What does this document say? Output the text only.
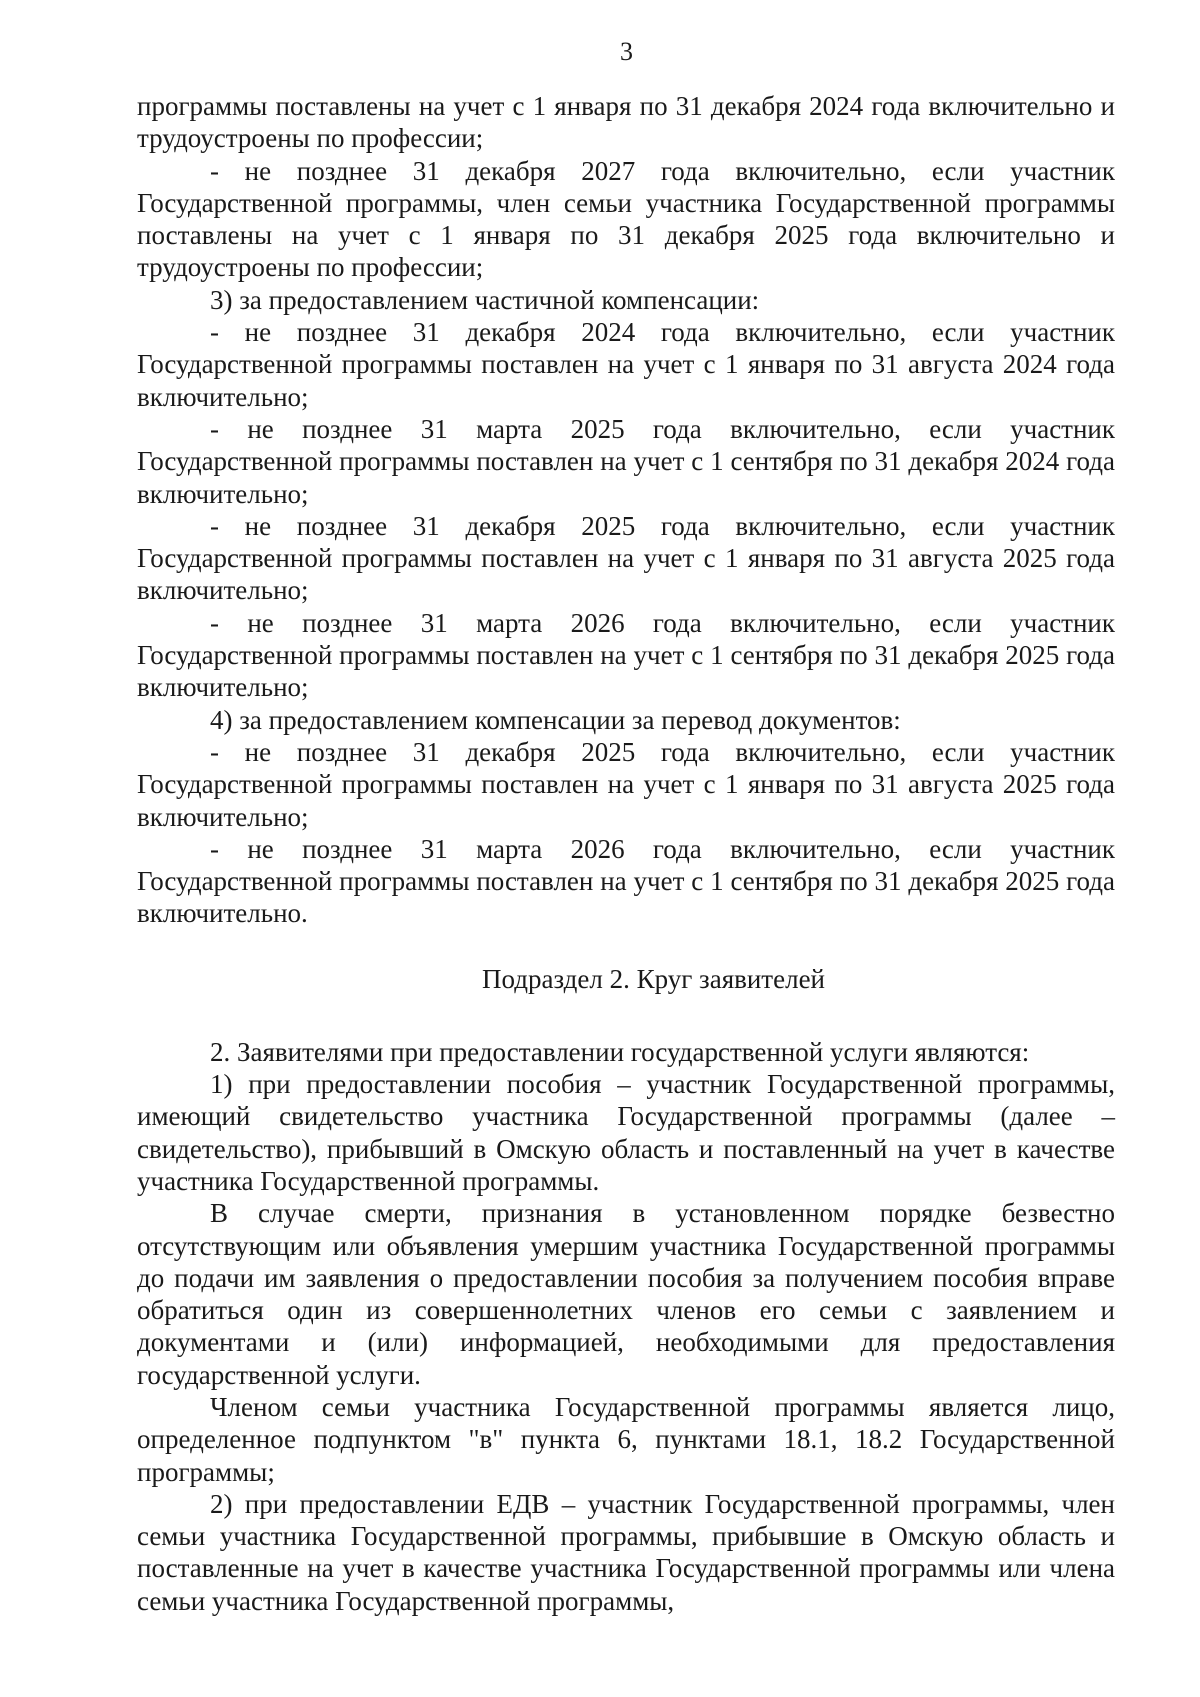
3

программы поставлены на учет с 1 января по 31 декабря 2024 года включительно и трудоустроены по профессии;

- не позднее 31 декабря 2027 года включительно, если участник Государственной программы, член семьи участника Государственной программы поставлены на учет с 1 января по 31 декабря 2025 года включительно и трудоустроены по профессии;

3) за предоставлением частичной компенсации:

- не позднее 31 декабря 2024 года включительно, если участник Государственной программы поставлен на учет с 1 января по 31 августа 2024 года включительно;

- не позднее 31 марта 2025 года включительно, если участник Государственной программы поставлен на учет с 1 сентября по 31 декабря 2024 года включительно;

- не позднее 31 декабря 2025 года включительно, если участник Государственной программы поставлен на учет с 1 января по 31 августа 2025 года включительно;

- не позднее 31 марта 2026 года включительно, если участник Государственной программы поставлен на учет с 1 сентября по 31 декабря 2025 года включительно;

4) за предоставлением компенсации за перевод документов:

- не позднее 31 декабря 2025 года включительно, если участник Государственной программы поставлен на учет с 1 января по 31 августа 2025 года включительно;

- не позднее 31 марта 2026 года включительно, если участник Государственной программы поставлен на учет с 1 сентября по 31 декабря 2025 года включительно.

Подраздел 2. Круг заявителей

2. Заявителями при предоставлении государственной услуги являются:

1) при предоставлении пособия – участник Государственной программы, имеющий свидетельство участника Государственной программы (далее – свидетельство), прибывший в Омскую область и поставленный на учет в качестве участника Государственной программы.

В случае смерти, признания в установленном порядке безвестно отсутствующим или объявления умершим участника Государственной программы до подачи им заявления о предоставлении пособия за получением пособия вправе обратиться один из совершеннолетних членов его семьи с заявлением и документами и (или) информацией, необходимыми для предоставления государственной услуги.

Членом семьи участника Государственной программы является лицо, определенное подпунктом "в" пункта 6, пунктами 18.1, 18.2 Государственной программы;

2) при предоставлении ЕДВ – участник Государственной программы, член семьи участника Государственной программы, прибывшие в Омскую область и поставленные на учет в качестве участника Государственной программы или члена семьи участника Государственной программы,
